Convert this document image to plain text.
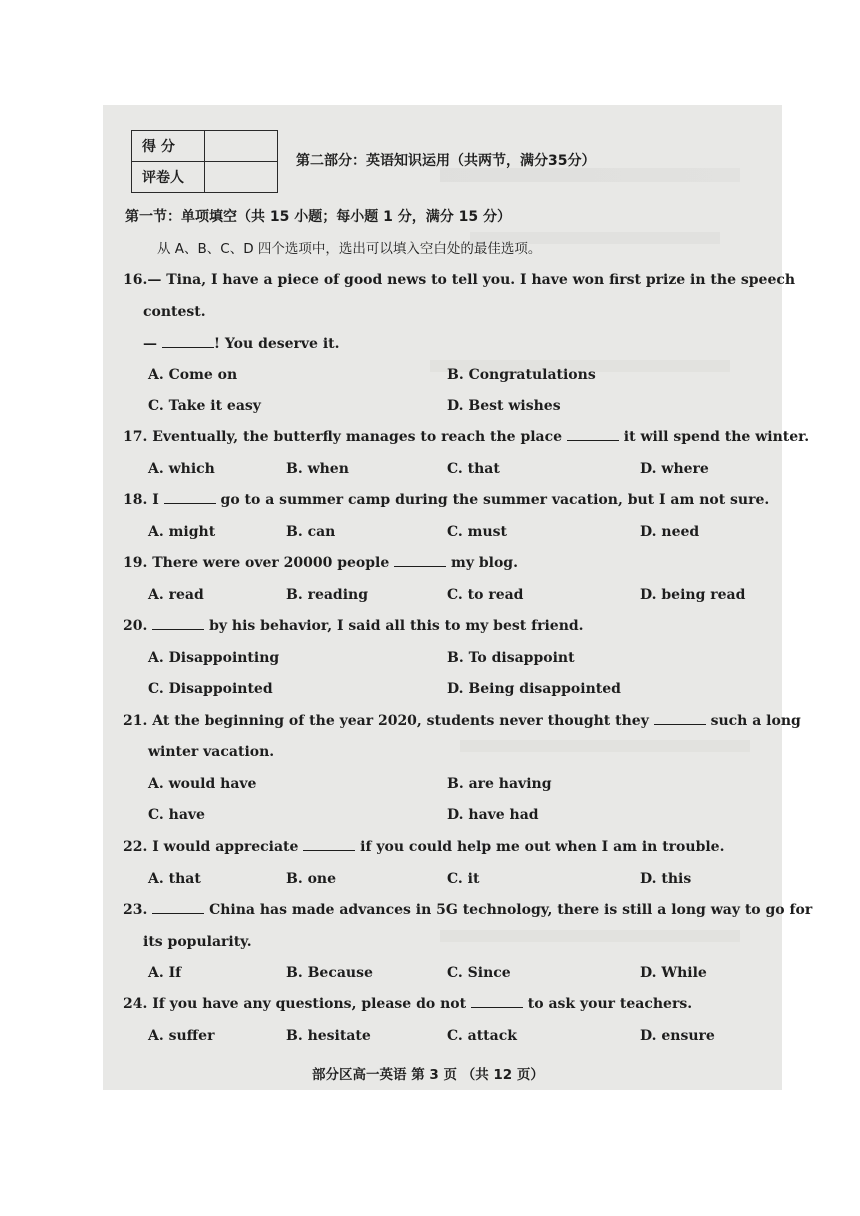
得 分	
评卷人	
第二部分：英语知识运用（共两节，满分35分）
第一节：单项填空（共 15 小题；每小题 1 分，满分 15 分）
从 A、B、C、D 四个选项中，选出可以填入空白处的最佳选项。
16.— Tina, I have a piece of good news to tell you. I have won first prize in the speech
contest.
—	! You deserve it.
A. Come on	B. Congratulations
C. Take it easy	D. Best wishes
17. Eventually, the butterfly manages to reach the place	it will spend the winter.
A. which	B. when	C. that	D. where
18. I	go to a summer camp during the summer vacation, but I am not sure.
A. might	B. can	C. must	D. need
19. There were over 20000 people	my blog.
A. read	B. reading	C. to read	D. being read
20.	by his behavior, I said all this to my best friend.
A. Disappointing	B. To disappoint
C. Disappointed	D. Being disappointed
21. At the beginning of the year 2020, students never thought they	such a long
winter vacation.
A. would have	B. are having
C. have	D. have had
22. I would appreciate	if you could help me out when I am in trouble.
A. that	B. one	C. it	D. this
23.	China has made advances in 5G technology, there is still a long way to go for
its popularity.
A. If	B. Because	C. Since	D. While
24. If you have any questions, please do not	to ask your teachers.
A. suffer	B. hesitate	C. attack	D. ensure
部分区高一英语 第 3 页 （共 12 页）
